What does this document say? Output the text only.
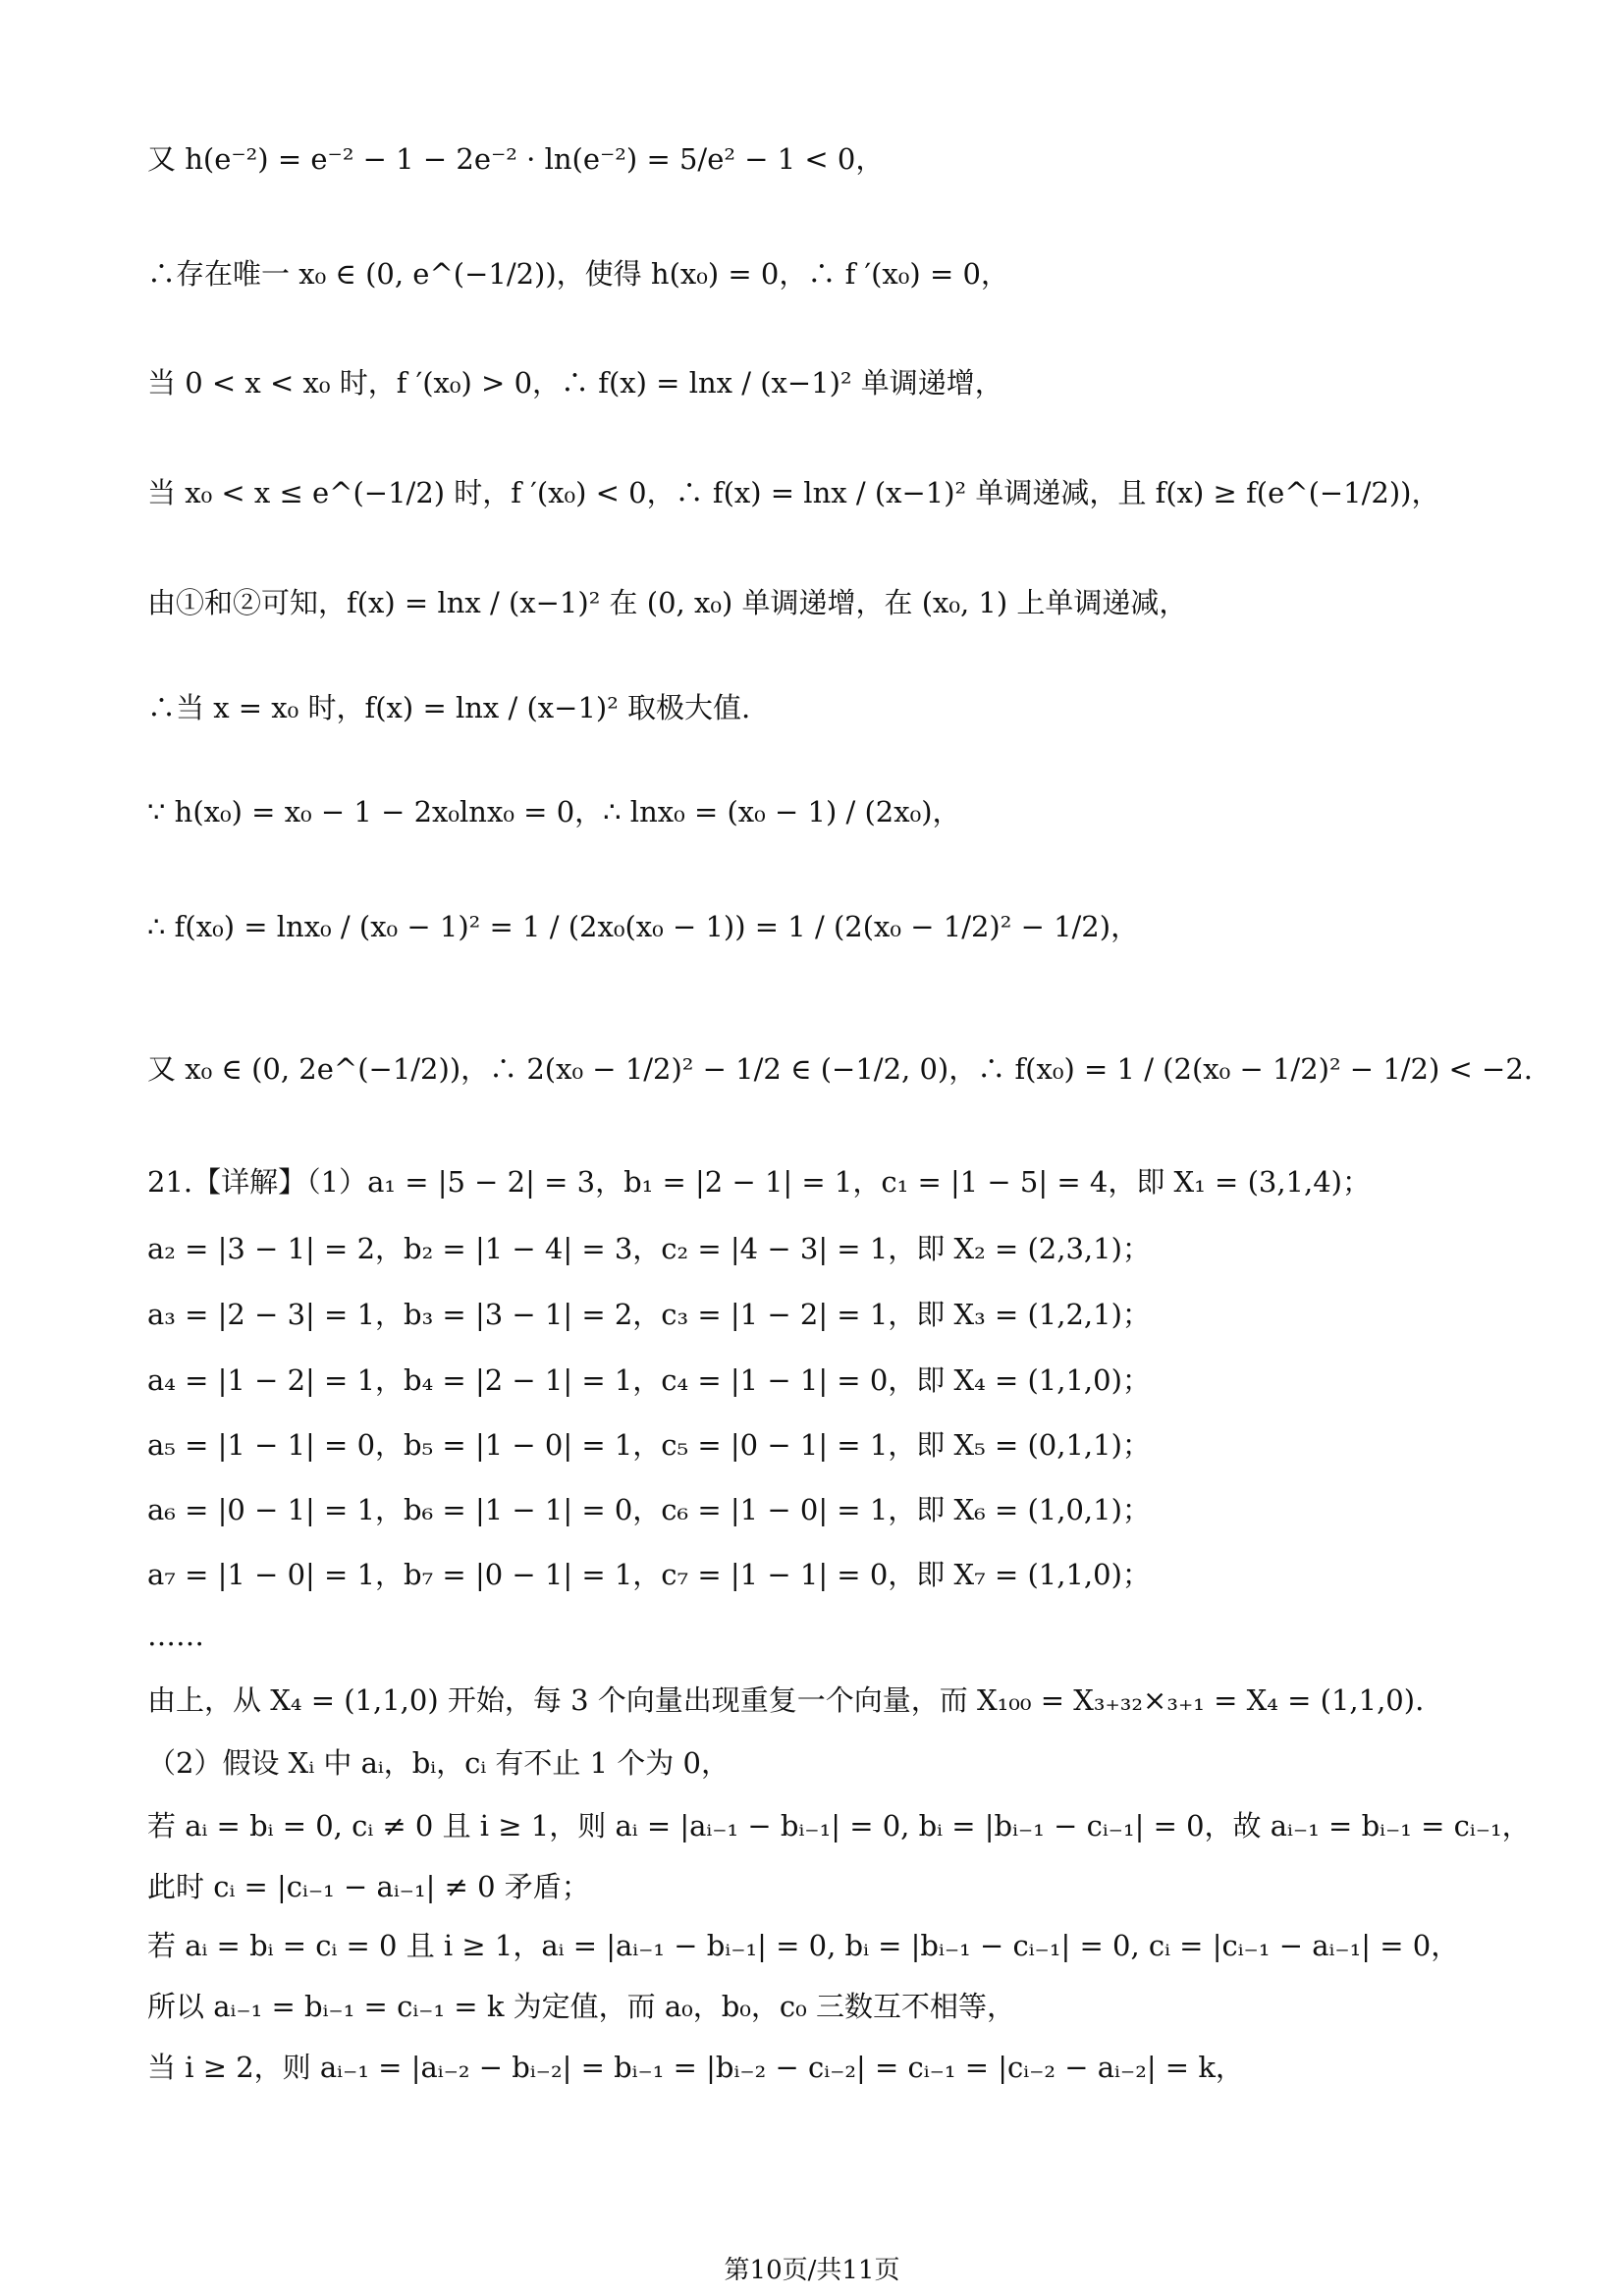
又 h(e⁻²) = e⁻² − 1 − 2e⁻² · ln(e⁻²) = 5/e² − 1 < 0，
∴存在唯一 x₀ ∈ (0, e^(−1/2))，使得 h(x₀) = 0，∴ f ′(x₀) = 0，
当 0 < x < x₀ 时，f ′(x₀) > 0，∴ f(x) = lnx / (x−1)² 单调递增，
当 x₀ < x ≤ e^(−1/2) 时，f ′(x₀) < 0，∴ f(x) = lnx / (x−1)² 单调递减，且 f(x) ≥ f(e^(−1/2))，
由①和②可知，f(x) = lnx / (x−1)² 在 (0, x₀) 单调递增，在 (x₀, 1) 上单调递减，
∴当 x = x₀ 时，f(x) = lnx / (x−1)² 取极大值.
∵ h(x₀) = x₀ − 1 − 2x₀lnx₀ = 0，∴ lnx₀ = (x₀ − 1) / (2x₀)，
∴ f(x₀) = lnx₀ / (x₀ − 1)² = 1 / (2x₀(x₀ − 1)) = 1 / (2(x₀ − 1/2)² − 1/2)，
又 x₀ ∈ (0, 2e^(−1/2))，∴ 2(x₀ − 1/2)² − 1/2 ∈ (−1/2, 0)，∴ f(x₀) = 1 / (2(x₀ − 1/2)² − 1/2) < −2.
21.【详解】（1）a₁ = |5 − 2| = 3，b₁ = |2 − 1| = 1，c₁ = |1 − 5| = 4，即 X₁ = (3,1,4)；
a₂ = |3 − 1| = 2，b₂ = |1 − 4| = 3，c₂ = |4 − 3| = 1，即 X₂ = (2,3,1)；
a₃ = |2 − 3| = 1，b₃ = |3 − 1| = 2，c₃ = |1 − 2| = 1，即 X₃ = (1,2,1)；
a₄ = |1 − 2| = 1，b₄ = |2 − 1| = 1，c₄ = |1 − 1| = 0，即 X₄ = (1,1,0)；
a₅ = |1 − 1| = 0，b₅ = |1 − 0| = 1，c₅ = |0 − 1| = 1，即 X₅ = (0,1,1)；
a₆ = |0 − 1| = 1，b₆ = |1 − 1| = 0，c₆ = |1 − 0| = 1，即 X₆ = (1,0,1)；
a₇ = |1 − 0| = 1，b₇ = |0 − 1| = 1，c₇ = |1 − 1| = 0，即 X₇ = (1,1,0)；
……
由上，从 X₄ = (1,1,0) 开始，每 3 个向量出现重复一个向量，而 X₁₀₀ = X₃₊₃₂×₃₊₁ = X₄ = (1,1,0).
（2）假设 Xᵢ 中 aᵢ，bᵢ，cᵢ 有不止 1 个为 0，
若 aᵢ = bᵢ = 0, cᵢ ≠ 0 且 i ≥ 1，则 aᵢ = |aᵢ₋₁ − bᵢ₋₁| = 0, bᵢ = |bᵢ₋₁ − cᵢ₋₁| = 0，故 aᵢ₋₁ = bᵢ₋₁ = cᵢ₋₁，
此时 cᵢ = |cᵢ₋₁ − aᵢ₋₁| ≠ 0 矛盾；
若 aᵢ = bᵢ = cᵢ = 0 且 i ≥ 1，aᵢ = |aᵢ₋₁ − bᵢ₋₁| = 0, bᵢ = |bᵢ₋₁ − cᵢ₋₁| = 0, cᵢ = |cᵢ₋₁ − aᵢ₋₁| = 0，
所以 aᵢ₋₁ = bᵢ₋₁ = cᵢ₋₁ = k 为定值，而 a₀，b₀，c₀ 三数互不相等，
当 i ≥ 2，则 aᵢ₋₁ = |aᵢ₋₂ − bᵢ₋₂| = bᵢ₋₁ = |bᵢ₋₂ − cᵢ₋₂| = cᵢ₋₁ = |cᵢ₋₂ − aᵢ₋₂| = k，
第10页/共11页
